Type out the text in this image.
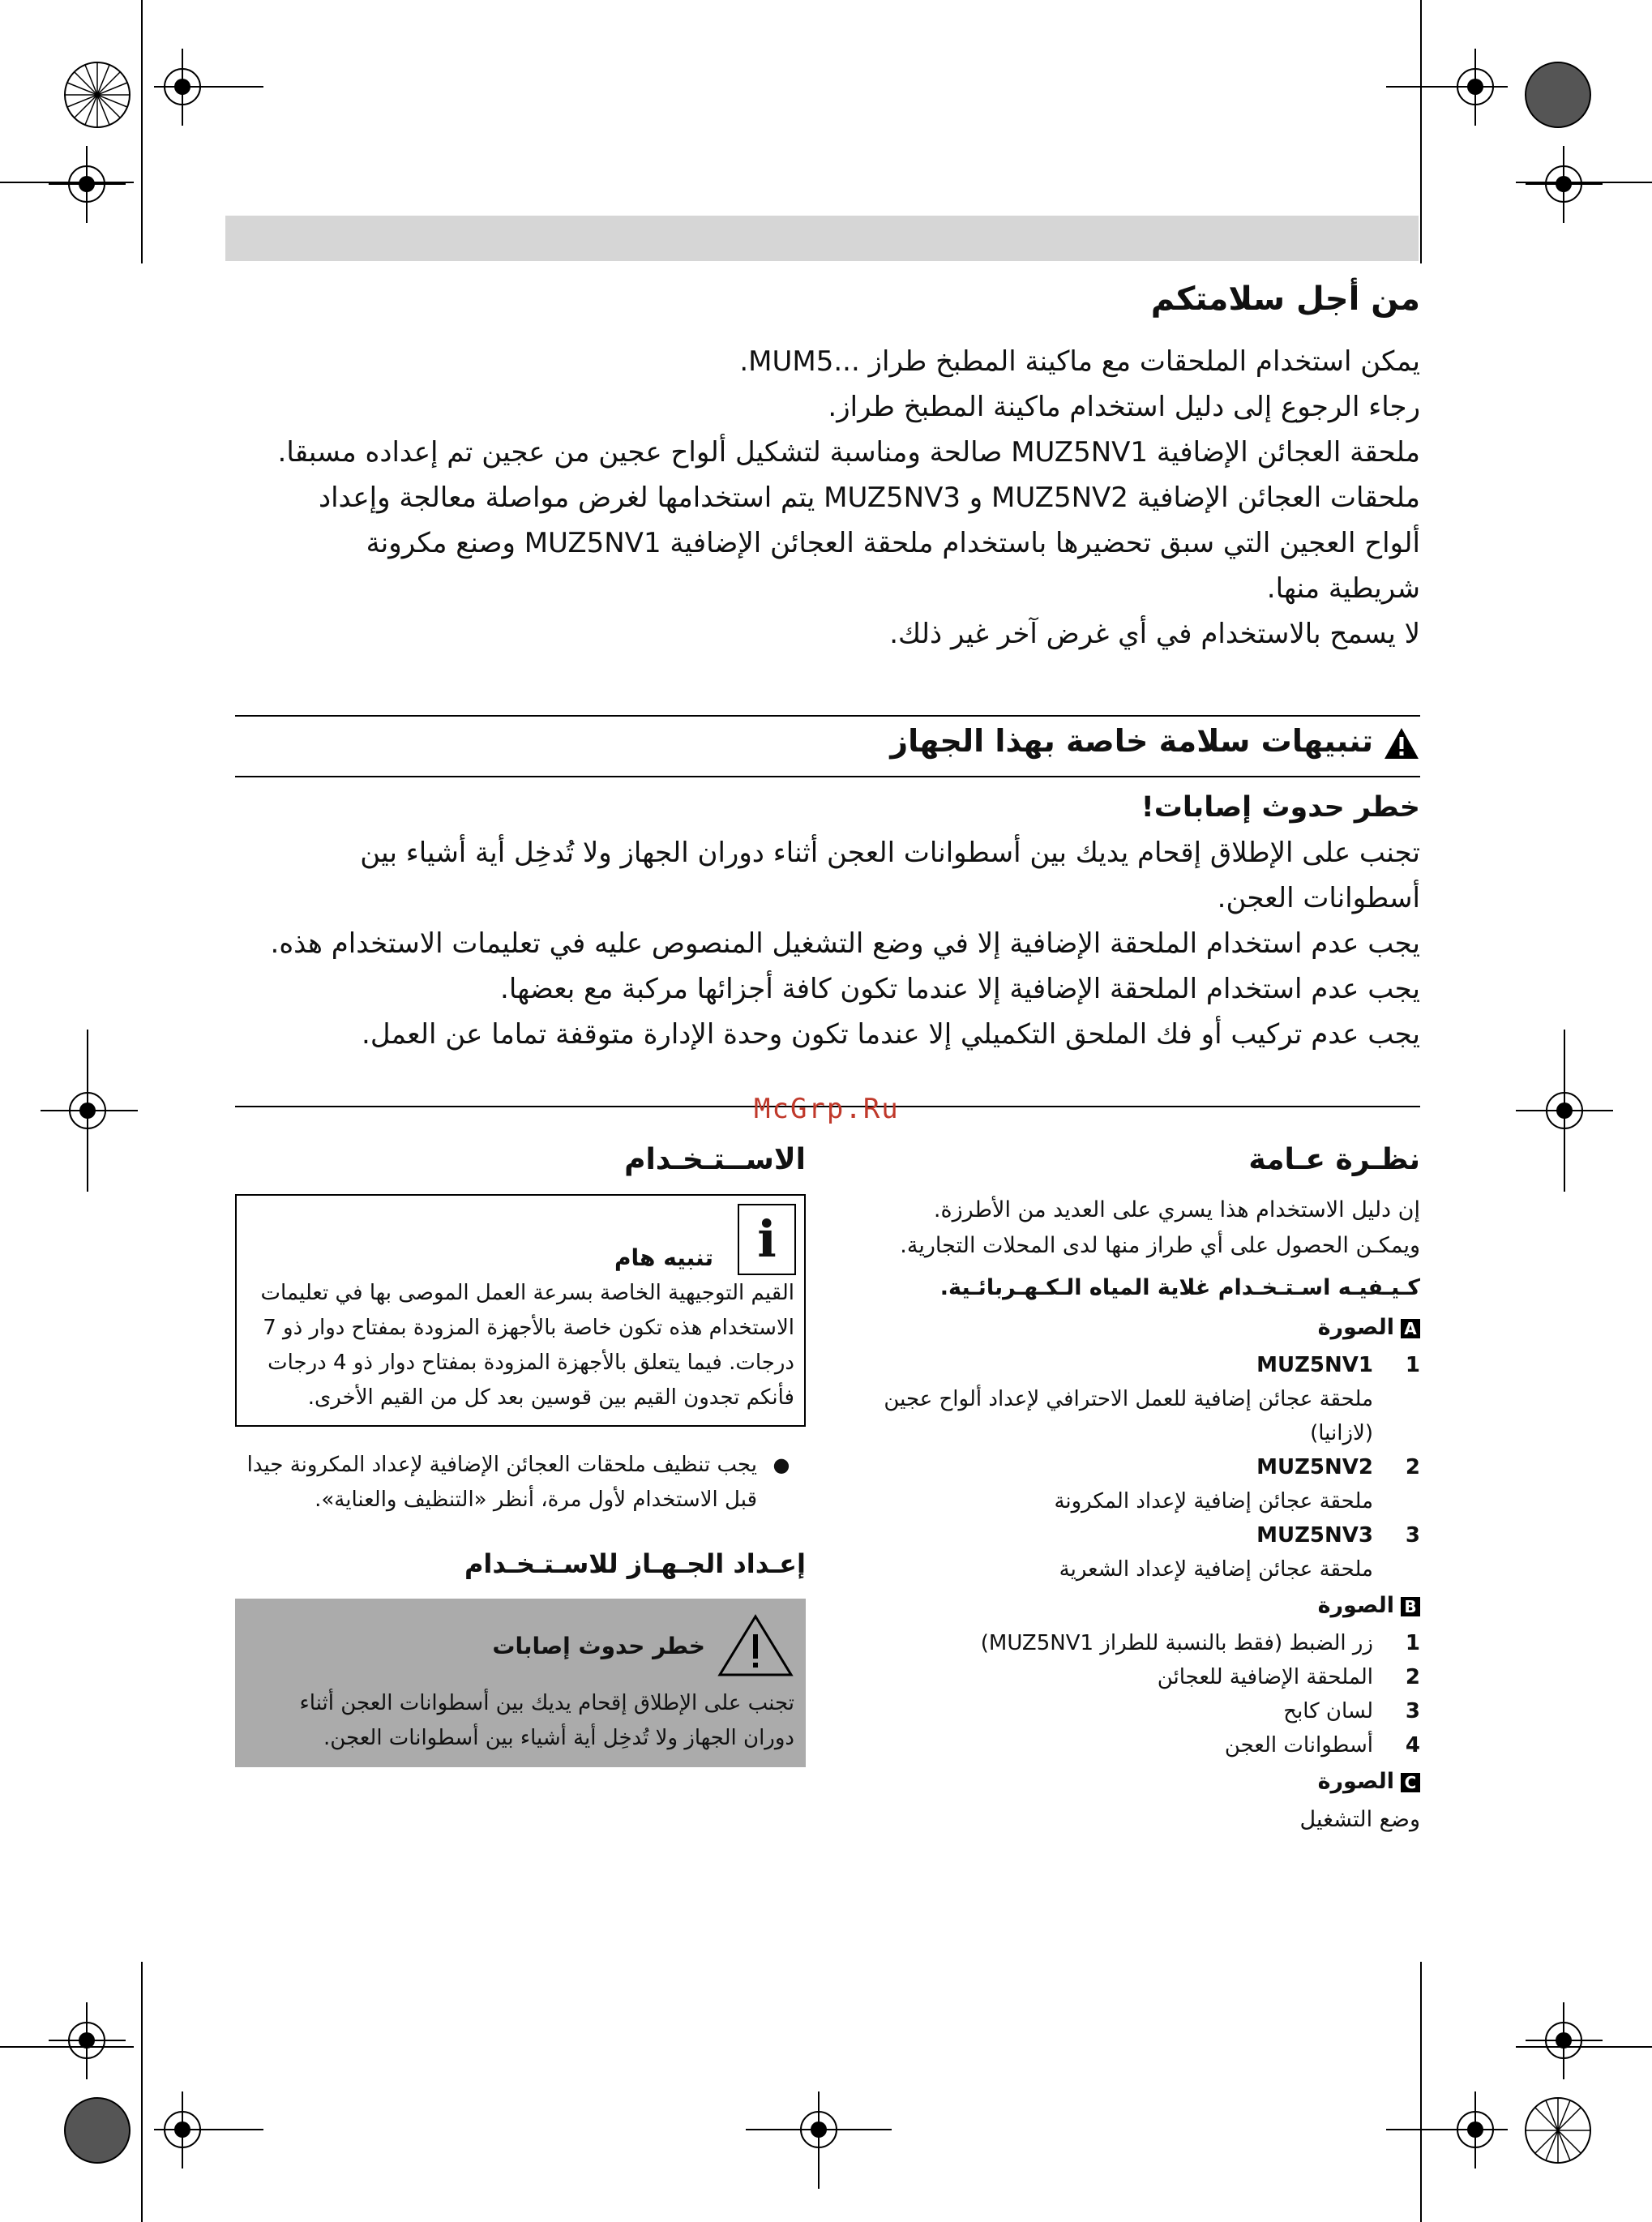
من أجل سلامتكم

يمكن استخدام الملحقات مع ماكينة المطبخ طراز ...MUM5.

رجاء الرجوع إلى دليل استخدام ماكينة المطبخ طراز.

ملحقة العجائن الإضافية MUZ5NV1 صالحة ومناسبة لتشكيل ألواح عجين من عجين تم إعداده مسبقا.

ملحقات العجائن الإضافية MUZ5NV2 و MUZ5NV3 يتم استخدامها لغرض مواصلة معالجة وإعداد ألواح العجين التي سبق تحضيرها باستخدام ملحقة العجائن الإضافية MUZ5NV1 وصنع مكرونة شريطية منها.

لا يسمح بالاستخدام في أي غرض آخر غير ذلك.

تنبيهات سلامة خاصة بهذا الجهاز

خطر حدوث إصابات!

تجنب على الإطلاق إقحام يديك بين أسطوانات العجن أثناء دوران الجهاز ولا تُدخِل أية أشياء بين أسطوانات العجن.

يجب عدم استخدام الملحقة الإضافية إلا في وضع التشغيل المنصوص عليه في تعليمات الاستخدام هذه.

يجب عدم استخدام الملحقة الإضافية إلا عندما تكون كافة أجزائها مركبة مع بعضها.

يجب عدم تركيب أو فك الملحق التكميلي إلا عندما تكون وحدة الإدارة متوقفة تماما عن العمل.

McGrp.Ru
نظـرة عـامة

إن دليل الاستخدام هذا يسري على العديد من الأطرزة.

ويمكـن الحصول على أي طراز منها لدى المحلات التجارية.

كـيـفيـه اسـتـخـدام غلاية المياه الـكـهـربائـية.
Aالصورة
1
MUZ5NV1
ملحقة عجائن إضافية للعمل الاحترافي لإعداد ألواح عجين (لازانيا)
2
MUZ5NV2
ملحقة عجائن إضافية لإعداد المكرونة
3
MUZ5NV3
ملحقة عجائن إضافية لإعداد الشعرية
Bالصورة
1
زر الضبط (فقط بالنسبة للطراز MUZ5NV1)
2
الملحقة الإضافية للعجائن
3
لسان كابح
4
أسطوانات العجن
Cالصورة
وضع التشغيل
الاســتـخـدام
i
تنبيه هام
القيم التوجيهية الخاصة بسرعة العمل الموصى بها في تعليمات الاستخدام هذه تكون خاصة بالأجهزة المزودة بمفتاح دوار ذو 7 درجات. فيما يتعلق بالأجهزة المزودة بمفتاح دوار ذو 4 درجات فأنكم تجدون القيم بين قوسين بعد كل من القيم الأخرى.
●
يجب تنظيف ملحقات العجائن الإضافية لإعداد المكرونة جيدا قبل الاستخدام لأول مرة، أنظر «التنظيف والعناية».
إعـداد الجـهـاز للاسـتـخـدام
خطر حدوث إصابات
تجنب على الإطلاق إقحام يديك بين أسطوانات العجن أثناء دوران الجهاز ولا تُدخِل أية أشياء بين أسطوانات العجن.
